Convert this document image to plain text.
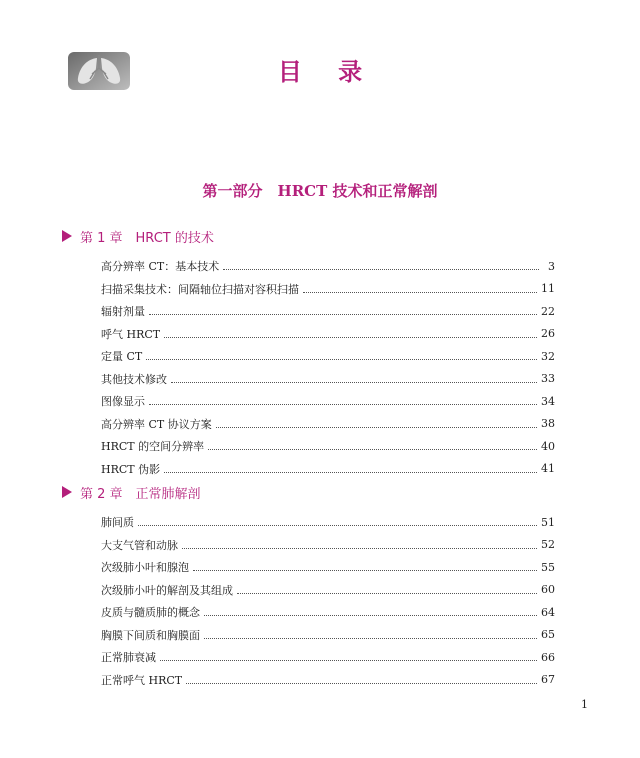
目 录
第一部分　HRCT 技术和正常解剖
第 1 章　HRCT 的技术
高分辨率 CT：基本技术	3
扫描采集技术：间隔轴位扫描对容积扫描	11
辐射剂量	22
呼气 HRCT	26
定量 CT	32
其他技术修改	33
图像显示	34
高分辨率 CT 协议方案	38
HRCT 的空间分辨率	40
HRCT 伪影	41
第 2 章　正常肺解剖
肺间质	51
大支气管和动脉	52
次级肺小叶和腺泡	55
次级肺小叶的解剖及其组成	60
皮质与髓质肺的概念	64
胸膜下间质和胸膜面	65
正常肺衰减	66
正常呼气 HRCT	67
1
